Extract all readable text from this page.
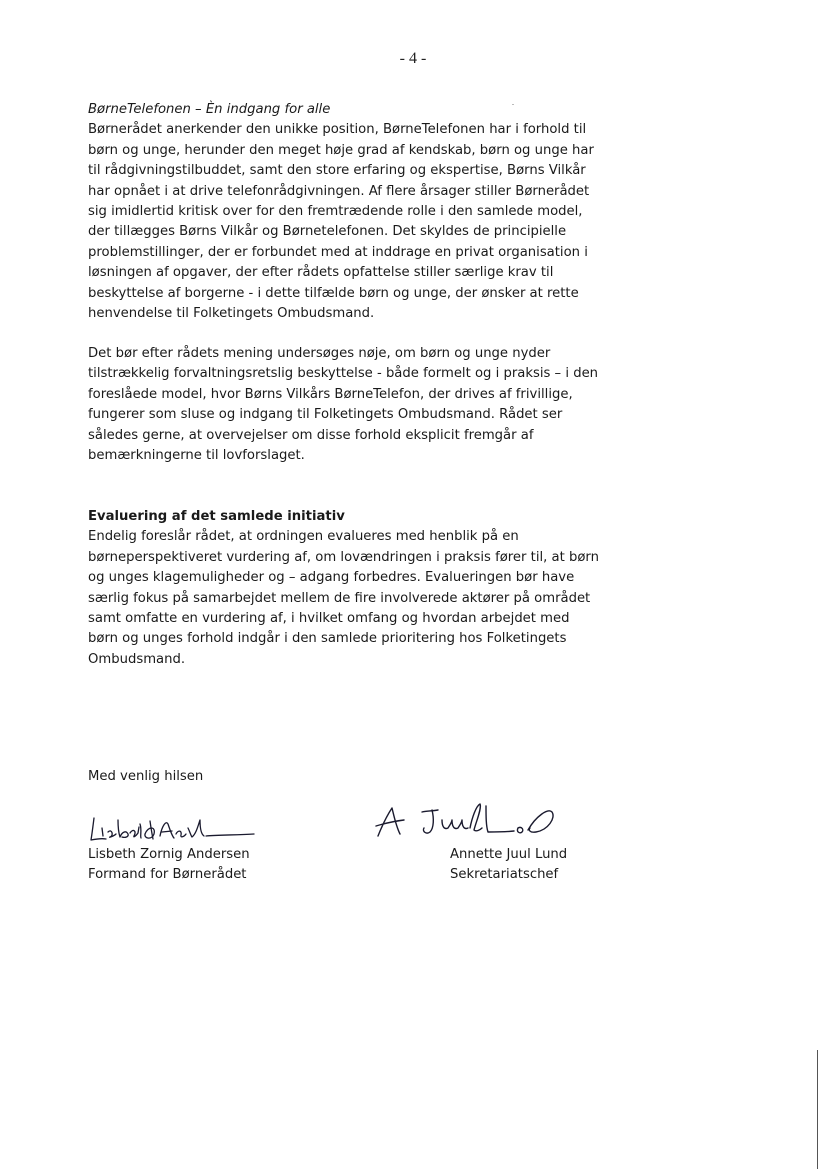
- 4 -
BørneTelefonen – Èn indgang for alle
Børnerådet anerkender den unikke position, BørneTelefonen har i forhold til
børn og unge, herunder den meget høje grad af kendskab, børn og unge har
til rådgivningstilbuddet, samt den store erfaring og ekspertise, Børns Vilkår
har opnået i at drive telefonrådgivningen. Af flere årsager stiller Børnerådet
sig imidlertid kritisk over for den fremtrædende rolle i den samlede model,
der tillægges Børns Vilkår og Børnetelefonen. Det skyldes de principielle
problemstillinger, der er forbundet med at inddrage en privat organisation i
løsningen af opgaver, der efter rådets opfattelse stiller særlige krav til
beskyttelse af borgerne - i dette tilfælde børn og unge, der ønsker at rette
henvendelse til Folketingets Ombudsmand.
Det bør efter rådets mening undersøges nøje, om børn og unge nyder
tilstrækkelig forvaltningsretslig beskyttelse - både formelt og i praksis – i den
foreslåede model, hvor Børns Vilkårs BørneTelefon, der drives af frivillige,
fungerer som sluse og indgang til Folketingets Ombudsmand. Rådet ser
således gerne, at overvejelser om disse forhold eksplicit fremgår af
bemærkningerne til lovforslaget.
Evaluering af det samlede initiativ
Endelig foreslår rådet, at ordningen evalueres med henblik på en
børneperspektiveret vurdering af, om lovændringen i praksis fører til, at børn
og unges klagemuligheder og – adgang forbedres. Evalueringen bør have
særlig fokus på samarbejdet mellem de fire involverede aktører på området
samt omfatte en vurdering af, i hvilket omfang og hvordan arbejdet med
børn og unges forhold indgår i den samlede prioritering hos Folketingets
Ombudsmand.
Med venlig hilsen
Lisbeth Zornig Andersen
Formand for Børnerådet
Annette Juul Lund
Sekretariatschef
